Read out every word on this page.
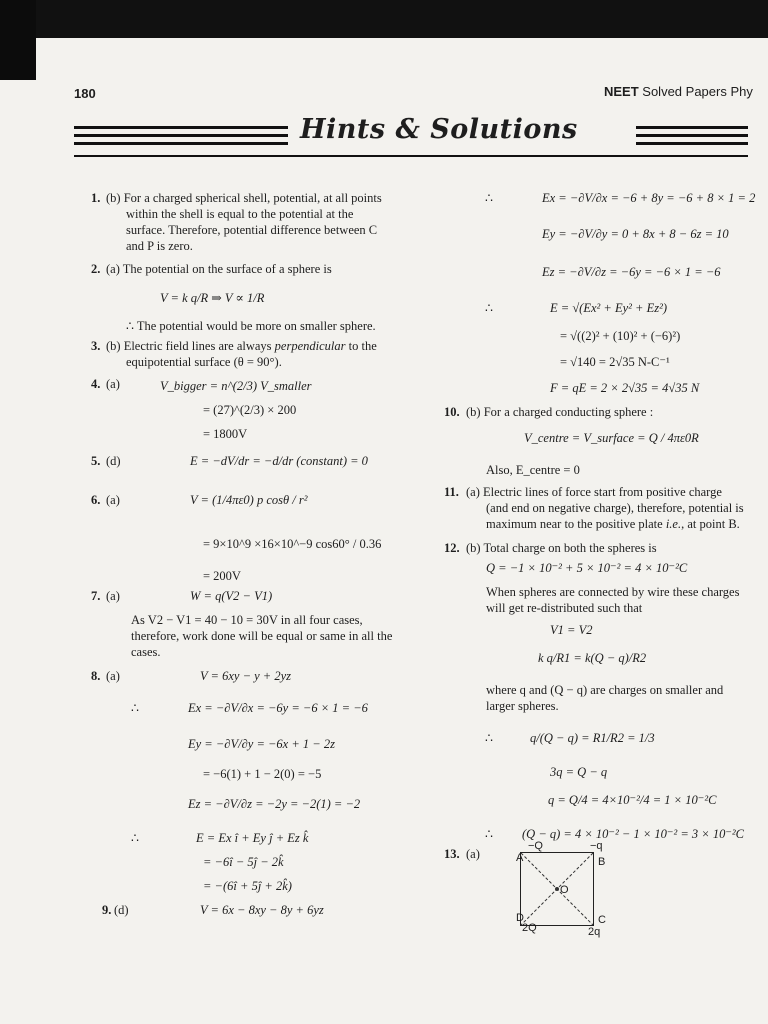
180	NEET Solved Papers Phy
Hints & Solutions
1. (b) For a charged spherical shell, potential, at all points
within the shell is equal to the potential at the
surface. Therefore, potential difference between C
and P is zero.
2. (a) The potential on the surface of a sphere is
V = k q/R ⇒ V ∝ 1/R
∴ The potential would be more on smaller sphere.
3. (b) Electric field lines are always perpendicular to the
equipotential surface (θ = 90°).
4. (a)	V_bigger = n^(2/3) V_smaller
= (27)^(2/3) × 200
= 1800V
5. (d)	E = −dV/dr = −d/dr (constant) = 0
6. (a)	V = (1/4πε0) p cosθ / r²
= 9×10^9 ×16×10^−9 cos60° / 0.36
= 200V
7. (a)	W = q(V2 − V1)
As V2 − V1 = 40 − 10 = 30V in all four cases,
therefore, work done will be equal or same in all the
cases.
8. (a)	V = 6xy − y + 2yz
∴	Ex = −∂V/∂x = −6y = −6 × 1 = −6
Ey = −∂V/∂y = −6x + 1 − 2z
= −6(1) + 1 − 2(0) = −5
Ez = −∂V/∂z = −2y = −2(1) = −2
∴	E = Ex î + Ey ĵ + Ez k̂
= −6î − 5ĵ − 2k̂
= −(6î + 5ĵ + 2k̂)
9. (d)	V = 6x − 8xy − 8y + 6yz
∴	Ex = −∂V/∂x = −6 + 8y = −6 + 8 × 1 = 2
Ey = −∂V/∂y = 0 + 8x + 8 − 6z = 10
Ez = −∂V/∂z = −6y = −6 × 1 = −6
∴	E = √(Ex² + Ey² + Ez²)
= √((2)² + (10)² + (−6)²)
= √140 = 2√35 N-C⁻¹
F = qE = 2 × 2√35 = 4√35 N
10. (b) For a charged conducting sphere :
V_centre = V_surface = Q / 4πε0R
Also, E_centre = 0
11. (a) Electric lines of force start from positive charge
(and end on negative charge), therefore, potential is
maximum near to the positive plate i.e., at point B.
12. (b) Total charge on both the spheres is
Q = −1 × 10⁻² + 5 × 10⁻² = 4 × 10⁻²C
When spheres are connected by wire these charges
will get re-distributed such that
V1 = V2
k q/R1 = k(Q − q)/R2
where q and (Q − q) are charges on smaller and
larger spheres.
∴	q/(Q − q) = R1/R2 = 1/3
3q = Q − q
q = Q/4 = 4×10⁻²/4 = 1 × 10⁻²C
∴ (Q − q) = 4 × 10⁻² − 1 × 10⁻² = 3 × 10⁻²C
13. (a)
−Q	−q
A	B
O
D	C
2Q	2q
